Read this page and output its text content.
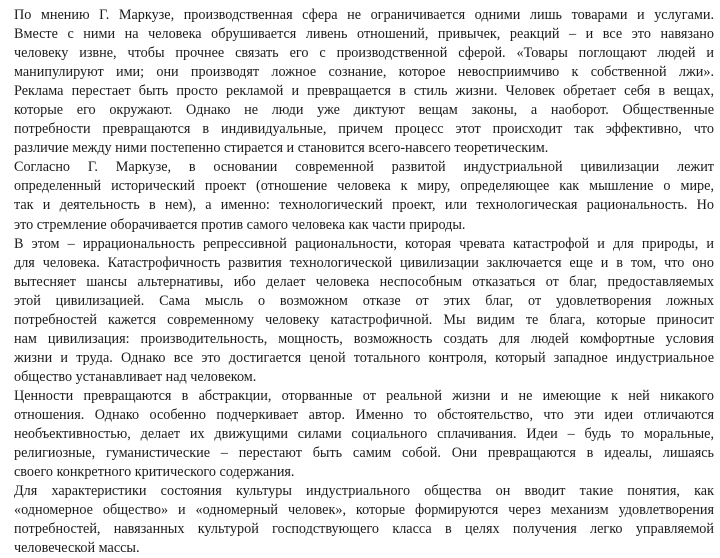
По мнению Г. Маркузе, производственная сфера не ограничивается одними лишь товарами и услугами.
Вместе с ними на человека обрушивается ливень отношений, привычек, реакций – и все это навязано
человеку извне, чтобы прочнее связать его с производственной сферой. «Товары поглощают людей и
манипулируют ими; они производят ложное сознание, которое невосприимчиво к собственной лжи».
Реклама перестает быть просто рекламой и превращается в стиль жизни. Человек обретает себя в вещах,
которые его окружают. Однако не люди уже диктуют вещам законы, а наоборот. Общественные
потребности превращаются в индивидуальные, причем процесс этот происходит так эффективно, что
различие между ними постепенно стирается и становится всего-навсего теоретическим.
Согласно Г. Маркузе, в основании современной развитой индустриальной цивилизации лежит
определенный исторический проект (отношение человека к миру, определяющее как мышление о мире,
так и деятельность в нем), а именно: технологический проект, или технологическая рациональность. Но
это стремление оборачивается против самого человека как части природы.
В этом – иррациональность репрессивной рациональности, которая чревата катастрофой и для природы, и
для человека. Катастрофичность развития технологической цивилизации заключается еще и в том, что оно
вытесняет шансы альтернативы, ибо делает человека неспособным отказаться от благ, предоставляемых
этой цивилизацией. Сама мысль о возможном отказе от этих благ, от удовлетворения ложных
потребностей кажется современному человеку катастрофичной. Мы видим те блага, которые приносит
нам цивилизация: производительность, мощность, возможность создать для людей комфортные условия
жизни и труда. Однако все это достигается ценой тотального контроля, который западное индустриальное
общество устанавливает над человеком.
Ценности превращаются в абстракции, оторванные от реальной жизни и не имеющие к ней никакого
отношения. Однако особенно подчеркивает автор. Именно то обстоятельство, что эти идеи отличаются
необъективностью, делает их движущими силами социального сплачивания. Идеи – будь то моральные,
религиозные, гуманистические – перестают быть самим собой. Они превращаются в идеалы, лишаясь
своего конкретного критического содержания.
Для характеристики состояния культуры индустриального общества он вводит такие понятия, как
«одномерное общество» и «одномерный человек», которые формируются через механизм удовлетворения
потребностей, навязанных культурой господствующего класса в целях получения легко управляемой
человеческой массы.
